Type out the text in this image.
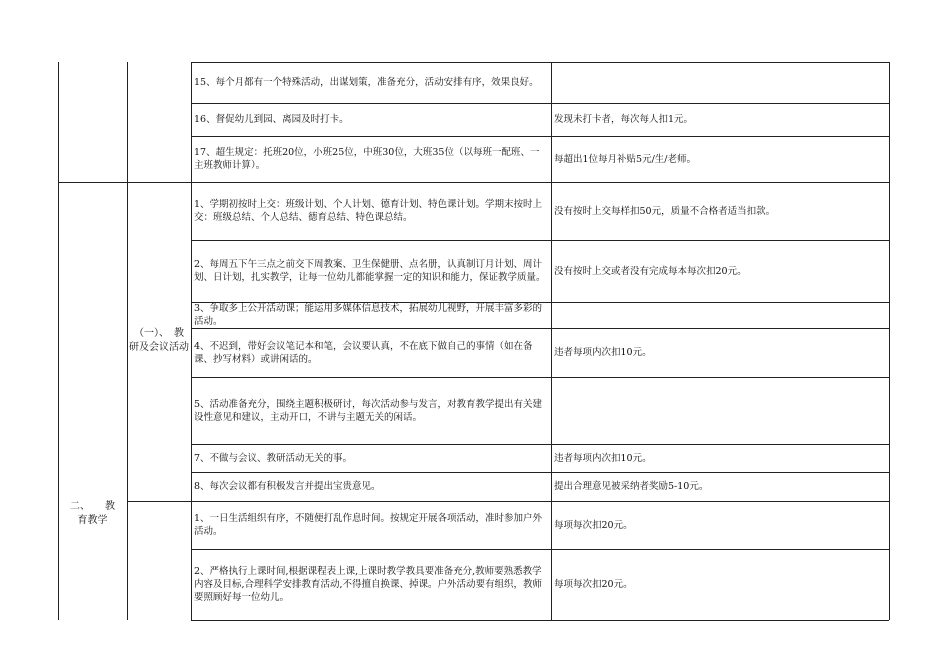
二、　　教
育教学
（一）、　教
研及会议活动
15、每个月都有一个特殊活动，出谋划策，准备充分，活动安排有序，效果良好。
16、督促幼儿到园、离园及时打卡。
17、超生规定：托班20位，小班25位，中班30位，大班35位（以每班一配班、一主班教师计算）。
1、学期初按时上交：班级计划、个人计划、德育计划、特色课计划。学期末按时上交：班级总结、个人总结、德育总结、特色课总结。
2、每周五下午三点之前交下周教案、卫生保健册、点名册，认真制订月计划、周计划、日计划，扎实教学，让每一位幼儿都能掌握一定的知识和能力，保证教学质量。
3、争取多上公开活动课；能运用多媒体信息技术，拓展幼儿视野，开展丰富多彩的活动。
4、不迟到，带好会议笔记本和笔，会议要认真，不在底下做自己的事情（如在备课、抄写材料）或讲闲话的。
5、活动准备充分，围绕主题积极研讨，每次活动参与发言，对教育教学提出有关建设性意见和建议，主动开口，不讲与主题无关的闲话。
7、不做与会议、教研活动无关的事。
8、每次会议都有积极发言并提出宝贵意见。
1、一日生活组织有序，不随便打乱作息时间。按规定开展各项活动，准时参加户外活动。
2、严格执行上课时间,根据课程表上课,上课时教学教具要准备充分,教师要熟悉教学内容及目标,合理科学安排教育活动,不得擅自换课、掉课。户外活动要有组织，教师要照顾好每一位幼儿。
发现未打卡者，每次每人扣1元。
每超出1位每月补贴5元/生/老师。
没有按时上交每样扣50元，质量不合格者适当扣款。
没有按时上交或者没有完成每本每次扣20元。
违者每项内次扣10元。
违者每项内次扣10元。
提出合理意见被采纳者奖励5-10元。
每项每次扣20元。
每项每次扣20元。
